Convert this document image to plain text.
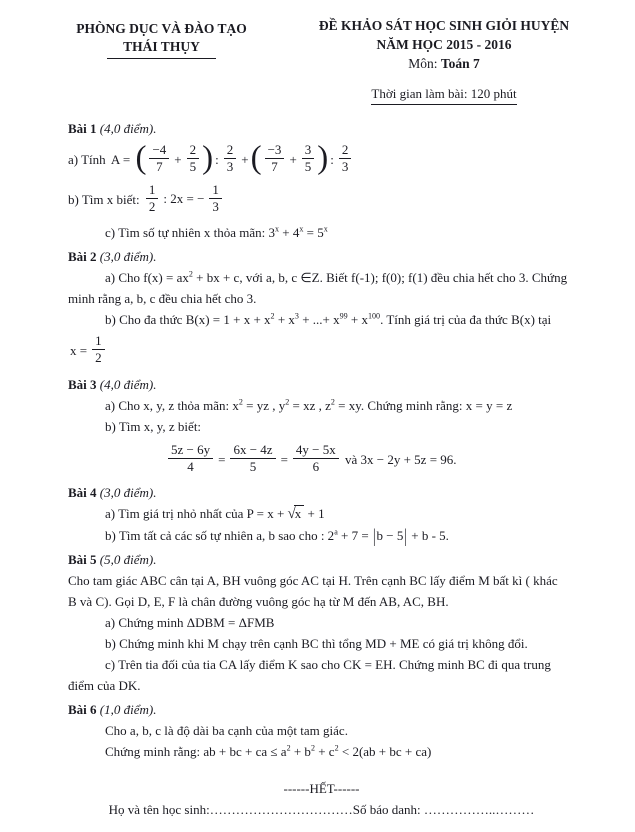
PHÒNG DỤC VÀ ĐÀO TẠO
THÁI THỤY
ĐỀ KHẢO SÁT HỌC SINH GIỎI HUYỆN
NĂM HỌC 2015 - 2016
Môn: Toán 7
Thời gian làm bài: 120 phút
Bài 1 (4,0 điểm).
a) Tính A = ( $\frac{-4}{7} + \frac{2}{5}$ ) : $\frac{2}{3}$ +( $\frac{-3}{7} + \frac{3}{5}$ ) : $\frac{2}{3}$
b) Tìm x biết: $\frac{1}{2}$ : 2x = − $\frac{1}{3}$
c) Tìm số tự nhiên x thỏa mãn: $3^x + 4^x = 5^x$
Bài 2 (3,0 điểm).
a) Cho $f(x) = ax^2$ + bx + c, với a, b, c ∈Z. Biết f(-1); f(0); f(1) đều chia hết cho 3. Chứng
minh rằng a, b, c đều chia hết cho 3.
b) Cho đa thức $B(x) = 1 + x + x^2 + x^3$ + ...+ $x^{99} + x^{100}$. Tính giá trị của đa thức B(x) tại
$x = \frac{1}{2}$
Bài 3 (4,0 điểm).
a) Cho x, y, z thỏa mãn: $x^2$ = yz , $y^2$ = xz , $z^2$ = xy. Chứng minh rằng: x = y = z
b) Tìm x, y, z biết:
$\frac{5z - 6y}{4} = \frac{6x - 4z}{5} = \frac{4y - 5x}{6}$ và 3x − 2y + 5z = 96.
Bài 4 (3,0 điểm).
a) Tìm giá trị nhỏ nhất của P = x + √x + 1
b) Tìm tất cả các số tự nhiên a, b sao cho : $2^a + 7 = |b - 5| + b - 5$.
Bài 5 (5,0 điểm).
Cho tam giác ABC cân tại A, BH vuông góc AC tại H. Trên cạnh BC lấy điểm M bất kì ( khác
B và C). Gọi D, E, F là chân đường vuông góc hạ từ M đến AB, AC, BH.
a) Chứng minh ΔDBM = ΔFMB
b) Chứng minh khi M chạy trên cạnh BC thì tổng MD + ME có giá trị không đổi.
c) Trên tia đối của tia CA lấy điểm K sao cho CK = EH. Chứng minh BC đi qua trung
điểm của DK.
Bài 6 (1,0 điểm).
Cho a, b, c là độ dài ba cạnh của một tam giác.
Chứng minh rằng: ab + bc + ca ≤ $a^2 + b^2 + c^2 < 2(ab$ + bc + ca)
------HẾT------
Họ và tên học sinh:……………………………Số báo danh: ……………..………
